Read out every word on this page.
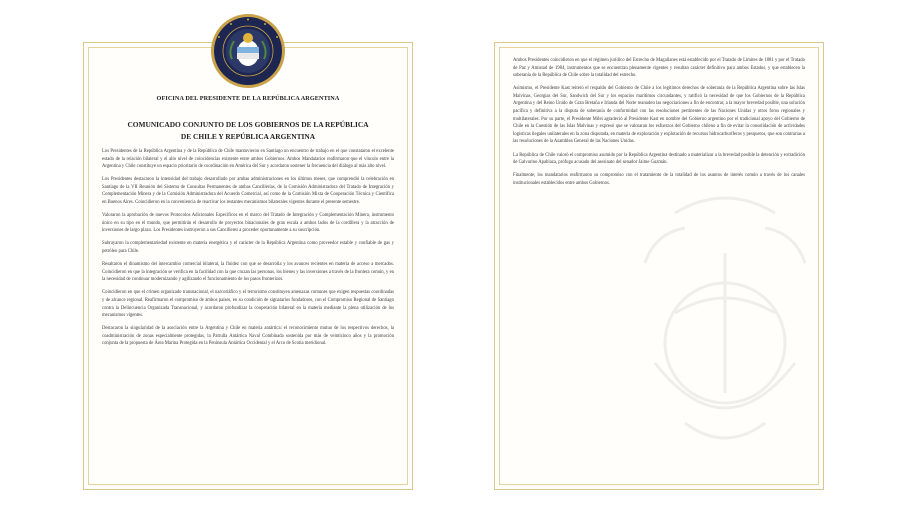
OFICINA DEL PRESIDENTE DE LA REPÚBLICA ARGENTINA
COMUNICADO CONJUNTO DE LOS GOBIERNOS DE LA REPÚBLICA
DE CHILE Y REPÚBLICA ARGENTINA

Los Presidentes de la República Argentina y de la República de Chile mantuvieron en Santiago un encuentro de trabajo en el que constataron el excelente estado de la relación bilateral y el alto nivel de coincidencias existente entre ambos Gobiernos. Ambos Mandatarios reafirmaron que el vínculo entre la Argentina y Chile constituye un espacio prioritario de coordinación en América del Sur y acordaron sostener la frecuencia del diálogo al más alto nivel.

Los Presidentes destacaron la intensidad del trabajo desarrollado por ambas administraciones en los últimos meses, que comprendió la celebración en Santiago de la VII Reunión del Sistema de Consultas Permanentes de ambas Cancillerías, de la Comisión Administradora del Tratado de Integración y Complementación Minera y de la Comisión Administradora del Acuerdo Comercial, así como de la Comisión Mixta de Cooperación Técnica y Científica en Buenos Aires. Coincidieron en la conveniencia de reactivar los restantes mecanismos bilaterales vigentes durante el presente semestre.

Valoraron la aprobación de nuevos Protocolos Adicionales Específicos en el marco del Tratado de Integración y Complementación Minera, instrumento único en su tipo en el mundo, que permitirán el desarrollo de proyectos binacionales de gran escala a ambos lados de la cordillera y la atracción de inversiones de largo plazo. Los Presidentes instruyeron a sus Cancilleres a proceder oportunamente a su suscripción.

Subrayaron la complementariedad existente en materia energética y el carácter de la República Argentina como proveedor estable y confiable de gas y petróleo para Chile.

Resaltaron el dinamismo del intercambio comercial bilateral, la fluidez con que se desarrolla y los avances recientes en materia de acceso a mercados. Coincidieron en que la integración se verifica en la facilidad con la que cruzan las personas, los bienes y las inversiones a través de la frontera común, y en la necesidad de continuar modernizando y agilizando el funcionamiento de los pasos fronterizos.

Coincidieron en que el crimen organizado transnacional, el narcotráfico y el terrorismo constituyen amenazas comunes que exigen respuestas coordinadas y de alcance regional. Reafirmaron el compromiso de ambos países, en su condición de signatarios fundadores, con el Compromiso Regional de Santiago contra la Delincuencia Organizada Transnacional, y acordaron profundizar la cooperación bilateral en la materia mediante la plena utilización de los mecanismos vigentes.

Destacaron la singularidad de la asociación entre la Argentina y Chile en materia antártica: el reconocimiento mutuo de los respectivos derechos, la coadministración de zonas especialmente protegidas, la Patrulla Antártica Naval Combinada sostenida por más de veinticinco años y la promoción conjunta de la propuesta de Área Marina Protegida en la Península Antártica Occidental y el Arco de Scotia meridional.

Ambos Presidentes coincidieron en que el régimen jurídico del Estrecho de Magallanes está establecido por el Tratado de Límites de 1881 y por el Tratado de Paz y Amistad de 1984, instrumentos que se encuentran plenamente vigentes y resultan carácter definitivo para ambos Estados, y que establecen la soberanía de la República de Chile sobre la totalidad del estrecho.

Asimismo, el Presidente Kast reiteró el respaldo del Gobierno de Chile a los legítimos derechos de soberanía de la República Argentina sobre las Islas Malvinas, Georgias del Sur, Sandwich del Sur y los espacios marítimos circundantes, y ratificó la necesidad de que los Gobiernos de la República Argentina y del Reino Unido de Gran Bretaña e Irlanda del Norte reanuden las negociaciones a fin de encontrar, a la mayor brevedad posible, una solución pacífica y definitiva a la disputa de soberanía de conformidad con las resoluciones pertinentes de las Naciones Unidas y otros foros regionales y multilaterales. Por su parte, el Presidente Milei agradeció al Presidente Kast en nombre del Gobierno argentino por el tradicional apoyo del Gobierno de Chile en la Cuestión de las Islas Malvinas y expresó que se valoraran los esfuerzos del Gobierno chileno a fin de evitar la consolidación de actividades logísticas ilegales unilaterales en la zona disputada, en materia de exploración y explotación de recursos hidrocarburíferos y pesqueros, que son contrarias a las resoluciones de la Asamblea General de las Naciones Unidas.

La República de Chile valoró el compromiso asumido por la República Argentina destinado a materializar a la brevedad posible la detención y extradición de Galvarino Apablaza, prófugo acusado del asesinato del senador Jaime Guzmán.

Finalmente, los mandatarios reafirmaron su compromiso con el tratamiento de la totalidad de los asuntos de interés común a través de los canales institucionales establecidos entre ambos Gobiernos.
